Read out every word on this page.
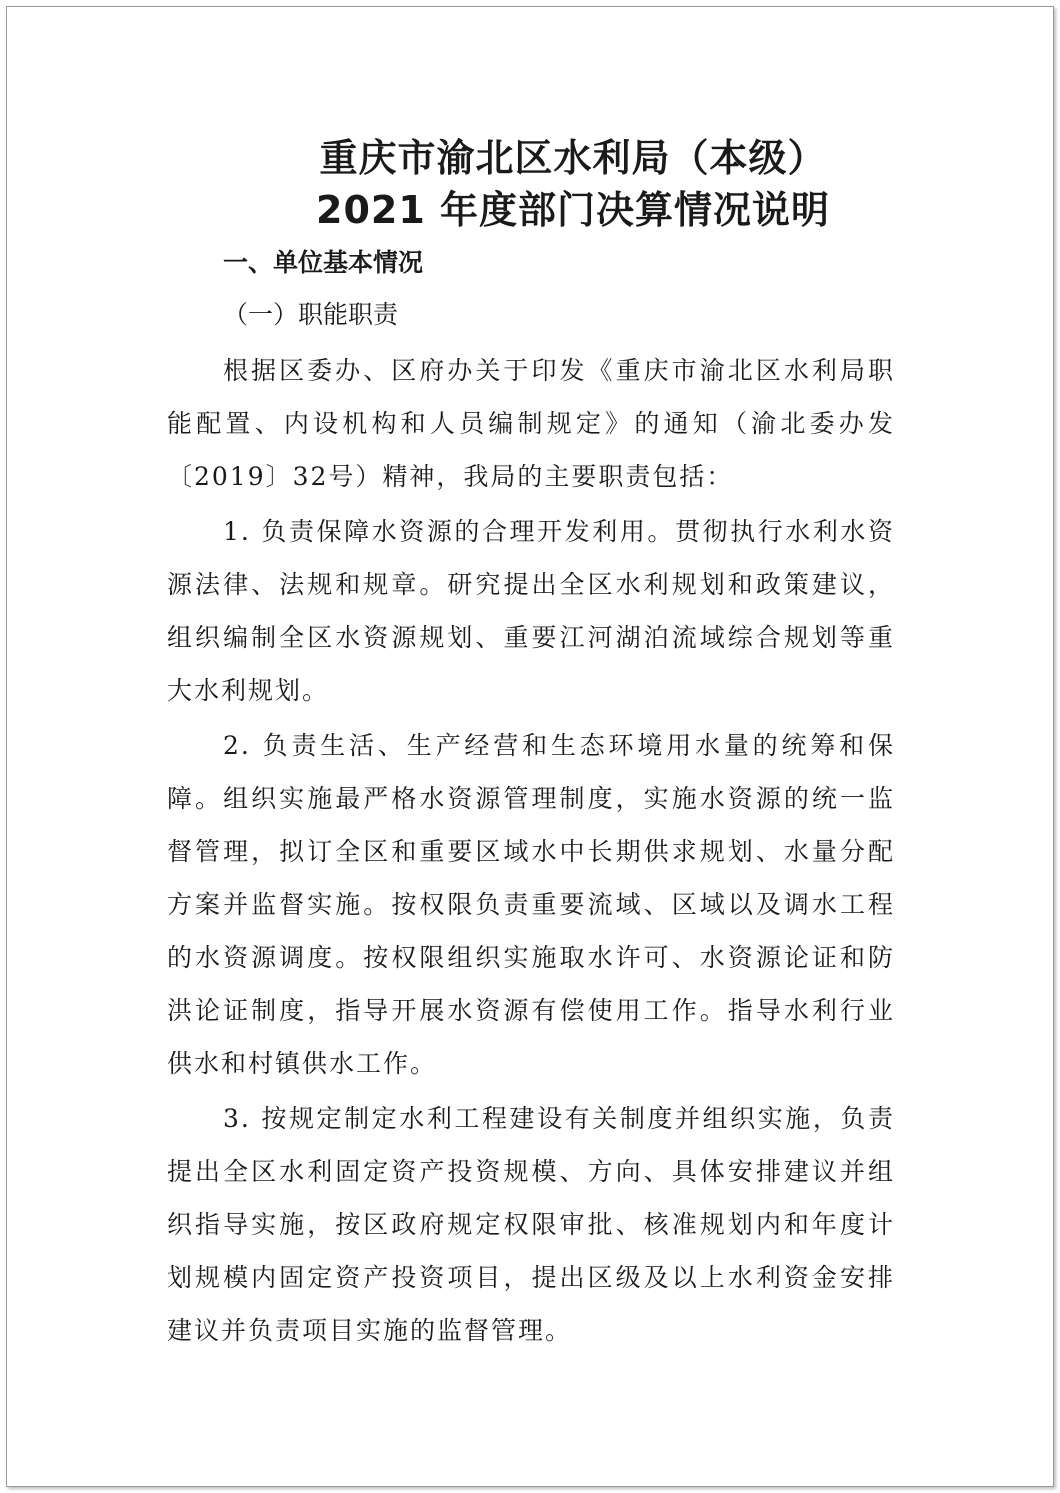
重庆市渝北区水利局（本级）
2021 年度部门决算情况说明
一、单位基本情况
（一）职能职责

根据区委办、区府办关于印发《重庆市渝北区水利局职能配置、内设机构和人员编制规定》的通知（渝北委办发〔2019〕32号）精神，我局的主要职责包括：

1. 负责保障水资源的合理开发利用。贯彻执行水利水资源法律、法规和规章。研究提出全区水利规划和政策建议，组织编制全区水资源规划、重要江河湖泊流域综合规划等重大水利规划。

2. 负责生活、生产经营和生态环境用水量的统筹和保障。组织实施最严格水资源管理制度，实施水资源的统一监督管理，拟订全区和重要区域水中长期供求规划、水量分配方案并监督实施。按权限负责重要流域、区域以及调水工程的水资源调度。按权限组织实施取水许可、水资源论证和防洪论证制度，指导开展水资源有偿使用工作。指导水利行业供水和村镇供水工作。

3. 按规定制定水利工程建设有关制度并组织实施，负责提出全区水利固定资产投资规模、方向、具体安排建议并组织指导实施，按区政府规定权限审批、核准规划内和年度计划规模内固定资产投资项目，提出区级及以上水利资金安排建议并负责项目实施的监督管理。
